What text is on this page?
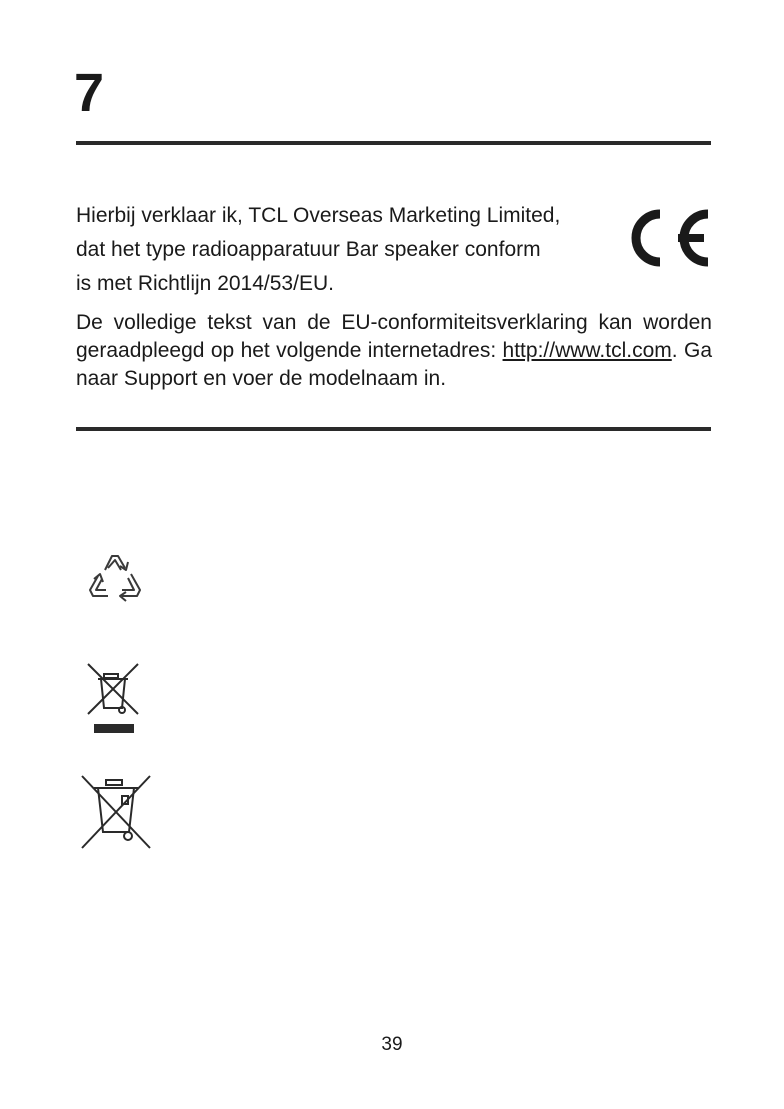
7

Hierbij verklaar ik, TCL Overseas Marketing Limited,
dat het type radioapparatuur Bar speaker conform
is met Richtlijn 2014/53/EU.

De volledige tekst van de EU-conformiteitsverklaring kan worden geraadpleegd op het volgende internetadres: http://www.tcl.com. Ga naar Support en voer de modelnaam in.

39
